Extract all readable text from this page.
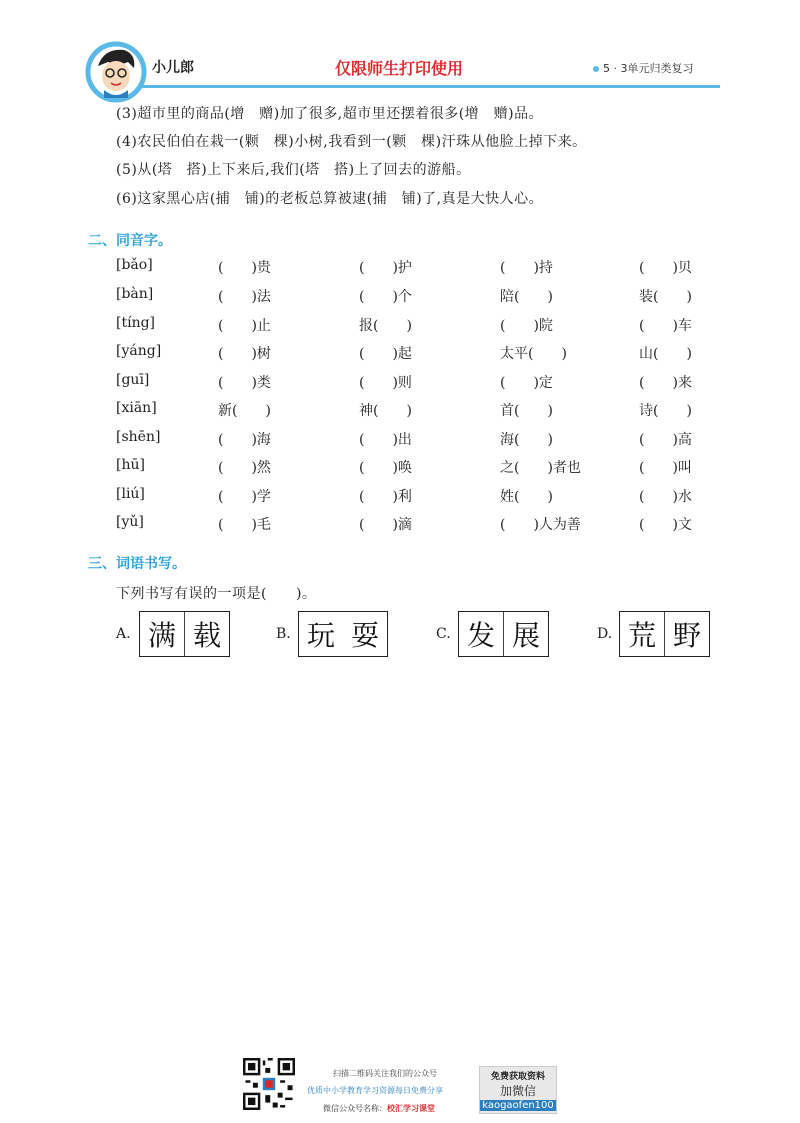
小儿郎	仅限师生打印使用	5 · 3单元归类复习
(3)超市里的商品(增　赠)加了很多,超市里还摆着很多(增　赠)品。
(4)农民伯伯在栽一(颗　棵)小树,我看到一(颗　棵)汗珠从他脸上掉下来。
(5)从(塔　搭)上下来后,我们(塔　搭)上了回去的游船。
(6)这家黑心店(捕　铺)的老板总算被逮(捕　铺)了,真是大快人心。
二、同音字。
[bǎo]	(　　)贵	(　　)护	(　　)持	(　　)贝
[bàn]	(　　)法	(　　)个	陪(　　)	装(　　)
[tíng]	(　　)止	报(　　)	(　　)院	(　　)车
[yáng]	(　　)树	(　　)起	太平(　　)	山(　　)
[guī]	(　　)类	(　　)则	(　　)定	(　　)来
[xiān]	新(　　)	神(　　)	首(　　)	诗(　　)
[shēn]	(　　)海	(　　)出	海(　　)	(　　)高
[hū]	(　　)然	(　　)唤	之(　　)者也	(　　)叫
[liú]	(　　)学	(　　)利	姓(　　)	(　　)水
[yǔ]	(　　)毛	(　　)滴	(　　)人为善	(　　)文
三、词语书写。
下列书写有误的一项是(　　)。
A. 满 载	B. 玩 耍	C. 发 展	D. 荒 野
扫描二维码关注我们的公众号
优质中小学教育学习资源每日免费分享
微信公众号名称：校汇学习课堂
免费获取资料
加微信
kaogaofen100
